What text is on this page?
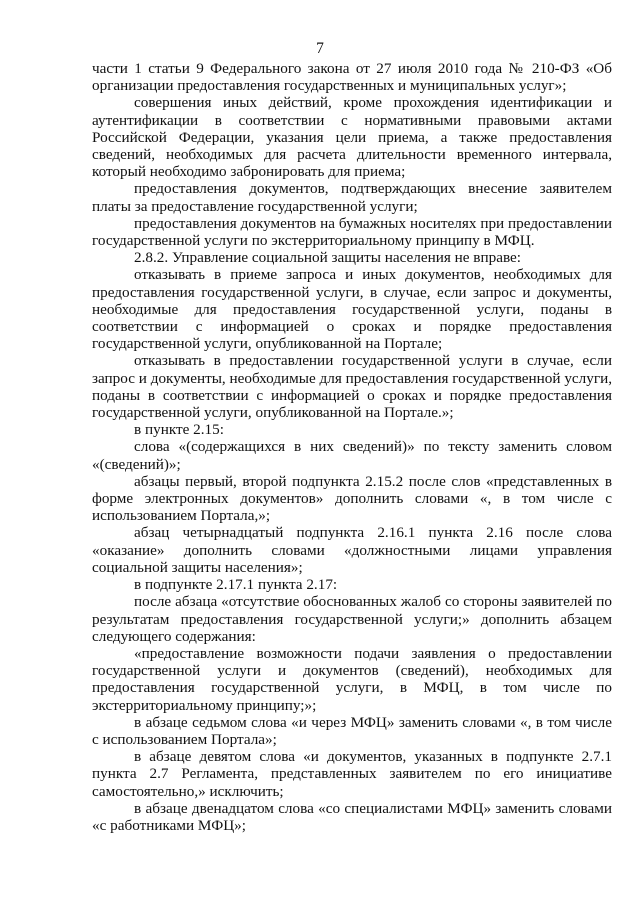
7

части 1 статьи 9 Федерального закона от 27 июля 2010 года № 210-ФЗ «Об организации предоставления государственных и муниципальных услуг»;

совершения иных действий, кроме прохождения идентификации и аутентификации в соответствии с нормативными правовыми актами Российской Федерации, указания цели приема, а также предоставления сведений, необходимых для расчета длительности временного интервала, который необходимо забронировать для приема;

предоставления документов, подтверждающих внесение заявителем платы за предоставление государственной услуги;

предоставления документов на бумажных носителях при предоставлении государственной услуги по экстерриториальному принципу в МФЦ.

2.8.2. Управление социальной защиты населения не вправе:

отказывать в приеме запроса и иных документов, необходимых для предоставления государственной услуги, в случае, если запрос и документы, необходимые для предоставления государственной услуги, поданы в соответствии с информацией о сроках и порядке предоставления государственной услуги, опубликованной на Портале;

отказывать в предоставлении государственной услуги в случае, если запрос и документы, необходимые для предоставления государственной услуги, поданы в соответствии с информацией о сроках и порядке предоставления государственной услуги, опубликованной на Портале.»;

в пункте 2.15:

слова «(содержащихся в них сведений)» по тексту заменить словом «(сведений)»;

абзацы первый, второй подпункта 2.15.2 после слов «представленных в форме электронных документов» дополнить словами «, в том числе с использованием Портала,»;

абзац четырнадцатый подпункта 2.16.1 пункта 2.16 после слова «оказание» дополнить словами «должностными лицами управления социальной защиты населения»;

в подпункте 2.17.1 пункта 2.17:

после абзаца «отсутствие обоснованных жалоб со стороны заявителей по результатам предоставления государственной услуги;» дополнить абзацем следующего содержания:

«предоставление возможности подачи заявления о предоставлении государственной услуги и документов (сведений), необходимых для предоставления государственной услуги, в МФЦ, в том числе по экстерриториальному принципу;»;

в абзаце седьмом слова «и через МФЦ» заменить словами «, в том числе с использованием Портала»;

в абзаце девятом слова «и документов, указанных в подпункте 2.7.1 пункта 2.7 Регламента, представленных заявителем по его инициативе самостоятельно,» исключить;

в абзаце двенадцатом слова «со специалистами МФЦ» заменить словами «с работниками МФЦ»;
